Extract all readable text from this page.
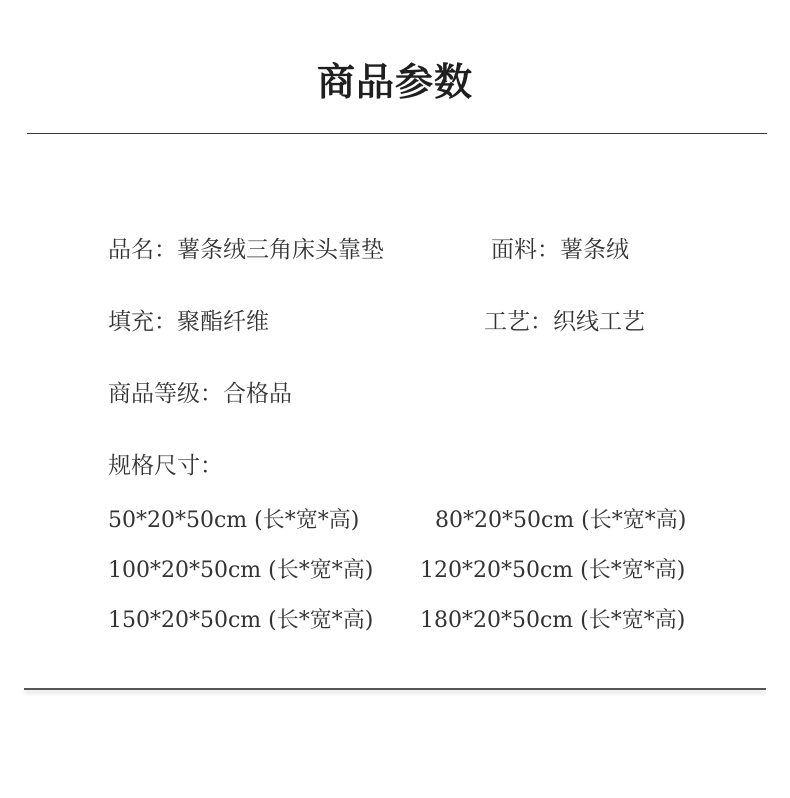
商品参数
品名：薯条绒三角床头靠垫	面料：薯条绒
填充：聚酯纤维	工艺：织线工艺
商品等级：合格品
规格尺寸：
50*20*50cm (长*宽*高)	80*20*50cm (长*宽*高)
100*20*50cm (长*宽*高) 120*20*50cm (长*宽*高)
150*20*50cm (长*宽*高) 180*20*50cm (长*宽*高)
